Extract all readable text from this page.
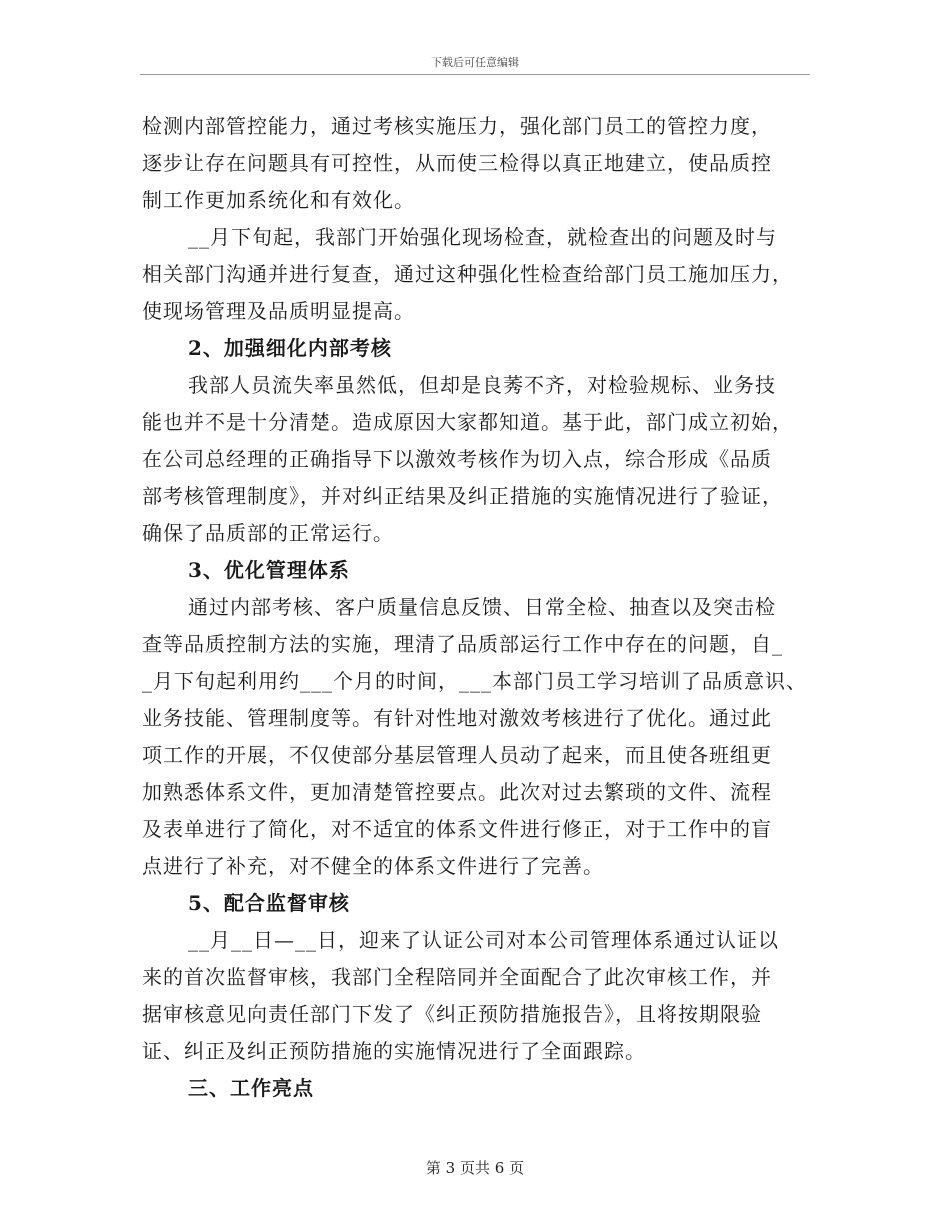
下载后可任意编辑
检测内部管控能力，通过考核实施压力，强化部门员工的管控力度，
逐步让存在问题具有可控性，从而使三检得以真正地建立，使品质控
制工作更加系统化和有效化。
__月下旬起，我部门开始强化现场检查，就检查出的问题及时与
相关部门沟通并进行复查，通过这种强化性检查给部门员工施加压力，
使现场管理及品质明显提高。
2、加强细化内部考核
我部人员流失率虽然低，但却是良莠不齐，对检验规标、业务技
能也并不是十分清楚。造成原因大家都知道。基于此，部门成立初始，
在公司总经理的正确指导下以激效考核作为切入点，综合形成《品质
部考核管理制度》，并对纠正结果及纠正措施的实施情况进行了验证，
确保了品质部的正常运行。
3、优化管理体系
通过内部考核、客户质量信息反馈、日常全检、抽查以及突击检
查等品质控制方法的实施，理清了品质部运行工作中存在的问题，自_
_月下旬起利用约___个月的时间，___本部门员工学习培训了品质意识、
业务技能、管理制度等。有针对性地对激效考核进行了优化。通过此
项工作的开展，不仅使部分基层管理人员动了起来，而且使各班组更
加熟悉体系文件，更加清楚管控要点。此次对过去繁琐的文件、流程
及表单进行了简化，对不适宜的体系文件进行修正，对于工作中的盲
点进行了补充，对不健全的体系文件进行了完善。
5、配合监督审核
__月__日—__日，迎来了认证公司对本公司管理体系通过认证以
来的首次监督审核，我部门全程陪同并全面配合了此次审核工作，并
据审核意见向责任部门下发了《纠正预防措施报告》，且将按期限验
证、纠正及纠正预防措施的实施情况进行了全面跟踪。
三、工作亮点
第 3 页共 6 页
